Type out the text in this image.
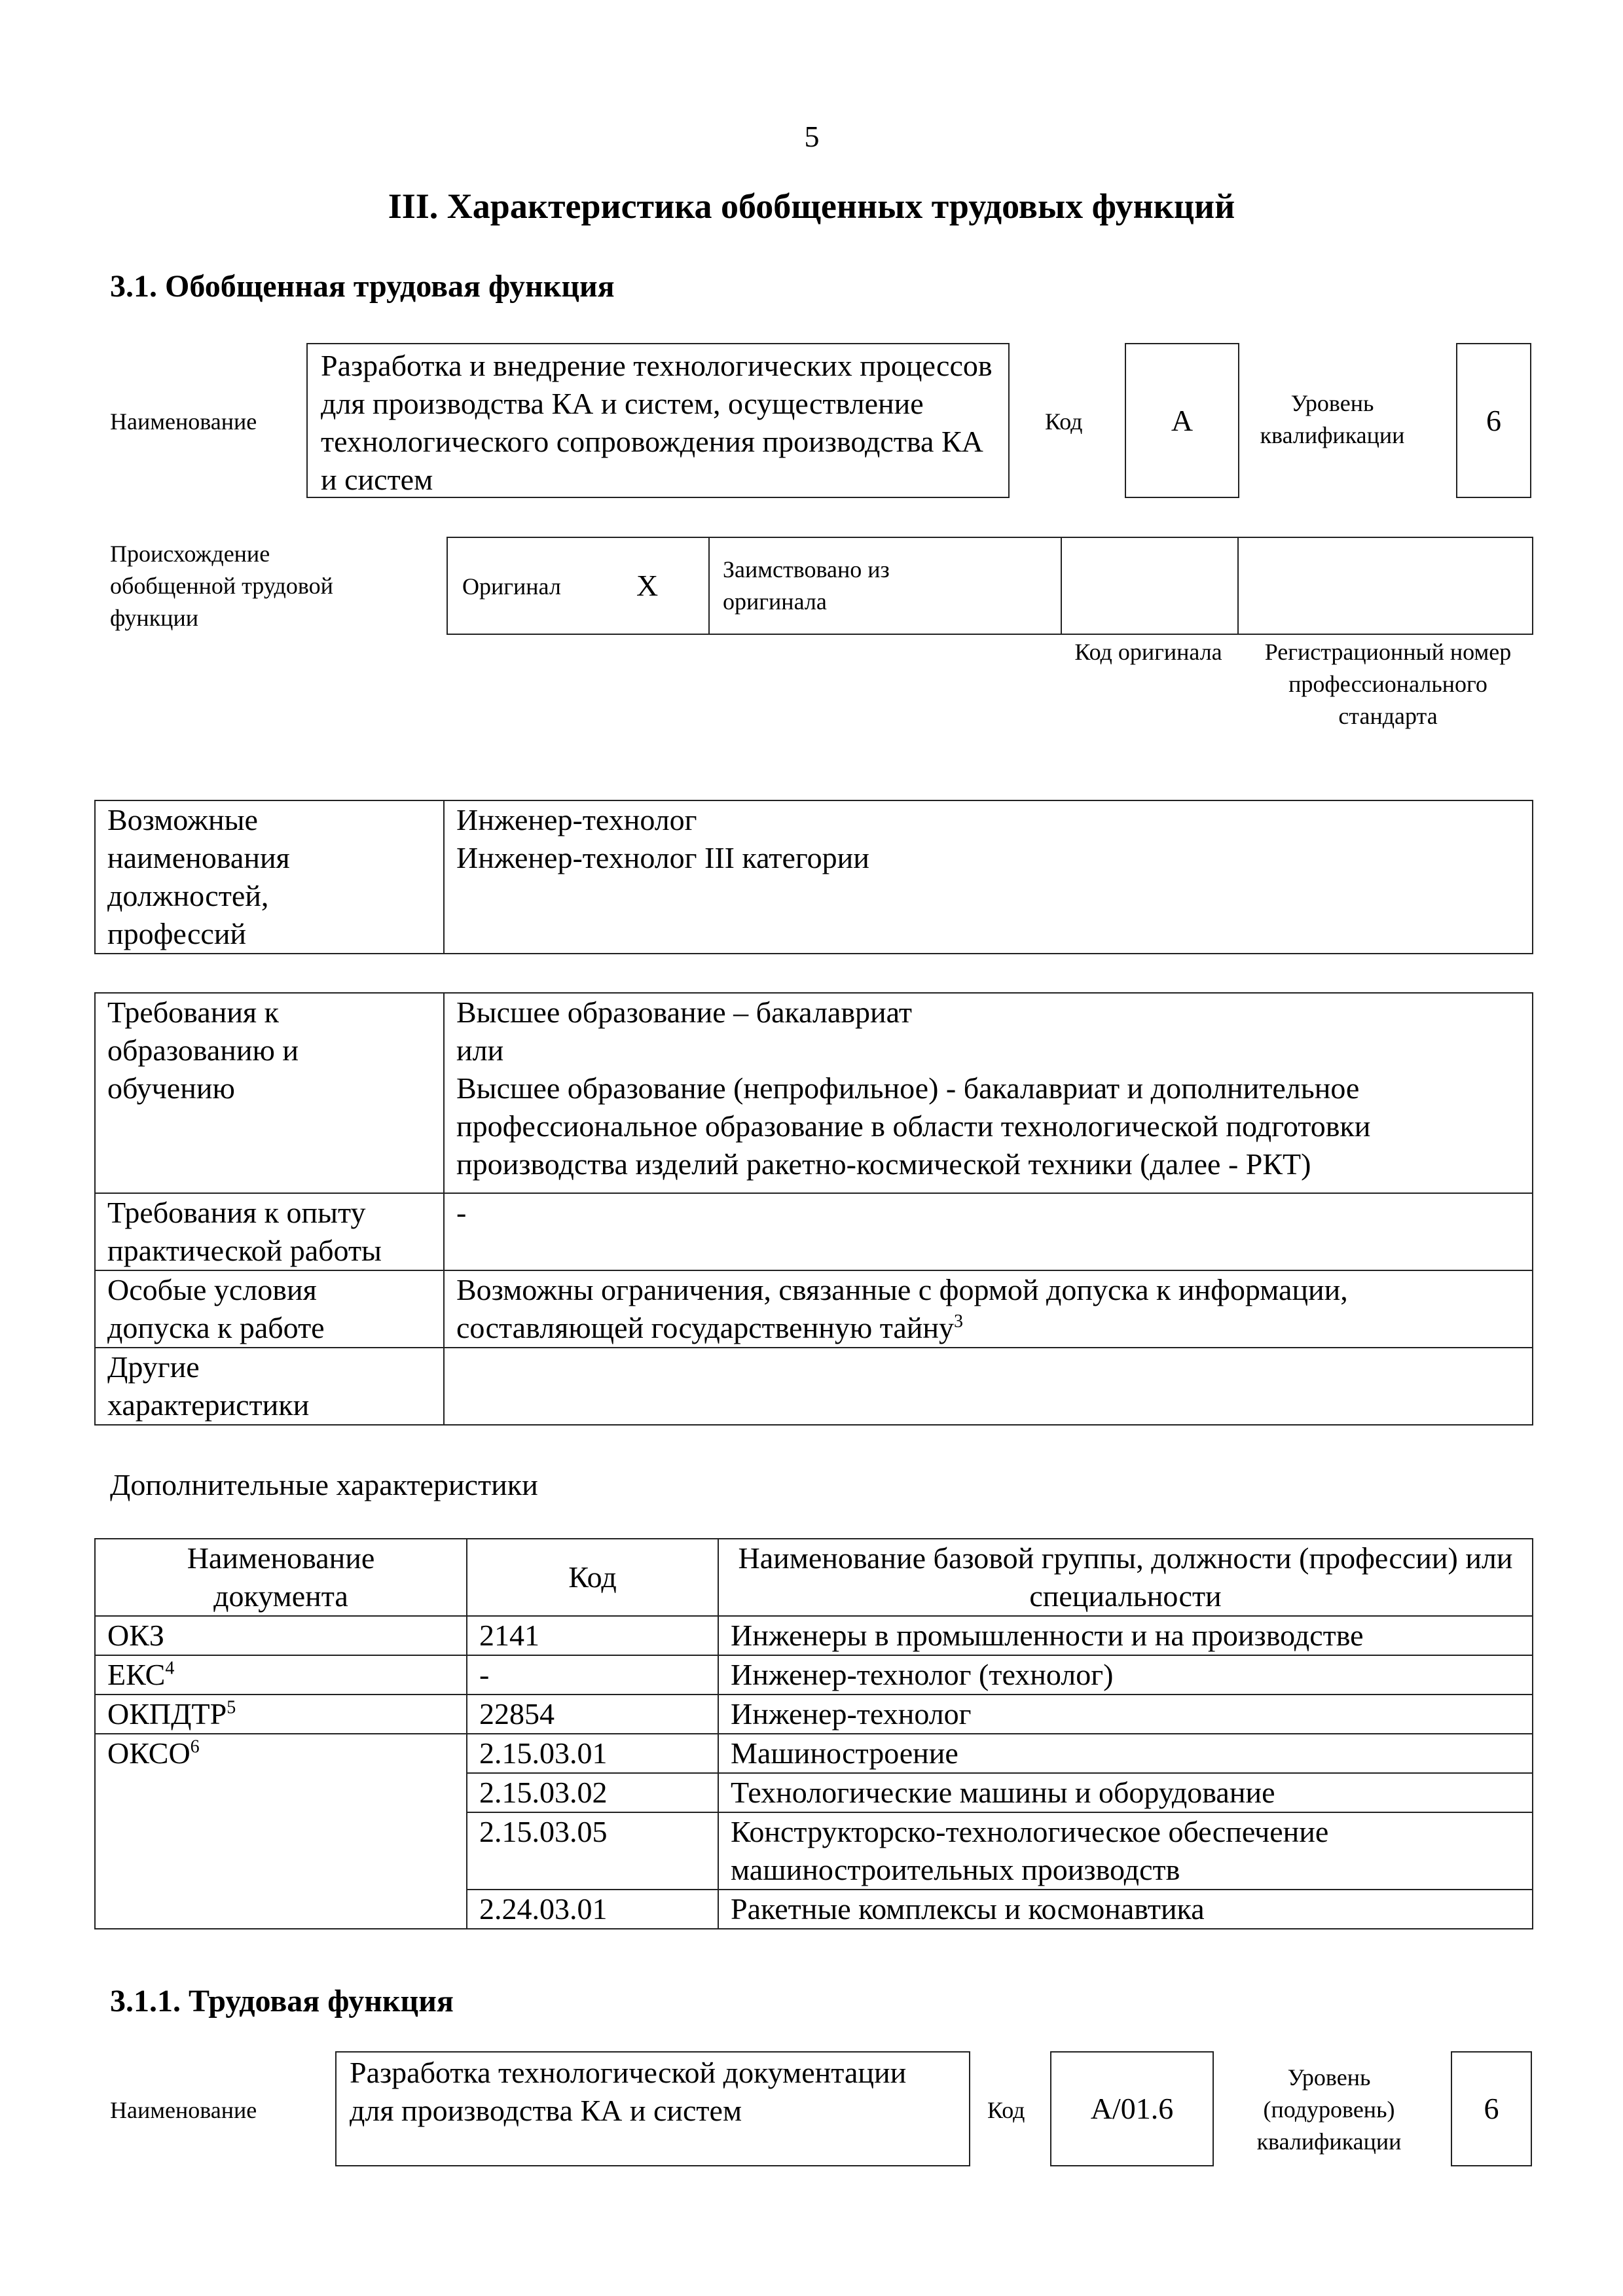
5
III. Характеристика обобщенных трудовых функций
3.1. Обобщенная трудовая функция
Наименование
Разработка и внедрение технологических процессов для производства КА и систем, осуществление технологического сопровождения производства КА и систем
Код	А
Уровень квалификации	6
Происхождение обобщенной трудовой функции
Оригинал	X	Заимствовано из оригинала
Код оригинала	Регистрационный номер профессионального стандарта
Возможные наименования должностей, профессий

Инженер-технолог
Инженер-технолог III категории
Требования к образованию и обучению	Высшее образование – бакалавриат
или
Высшее образование (непрофильное) - бакалавриат и дополнительное профессиональное образование в области технологической подготовки производства изделий ракетно-космической техники (далее - РКТ)

Требования к опыту практической работы	-

Особые условия допуска к работе	Возможны ограничения, связанные с формой допуска к информации, составляющей государственную тайну$^3$

Другие характеристики	

Дополнительные характеристики
Наименование документа	Код	Наименование базовой группы, должности (профессии) или специальности
ОКЗ	2141	Инженеры в промышленности и на производстве
ЕКС$^4$	-	Инженер-технолог (технолог)
ОКПДТР$^5$	22854	Инженер-технолог
ОКСО$^6$	2.15.03.01	Машиностроение
	2.15.03.02	Технологические машины и оборудование
	2.15.03.05	Конструкторско-технологическое обеспечение машиностроительных производств
	2.24.03.01	Ракетные комплексы и космонавтика
3.1.1. Трудовая функция
Наименование
Разработка технологической документации для производства КА и систем	Код А/01.6
Уровень (подуровень) квалификации
6
